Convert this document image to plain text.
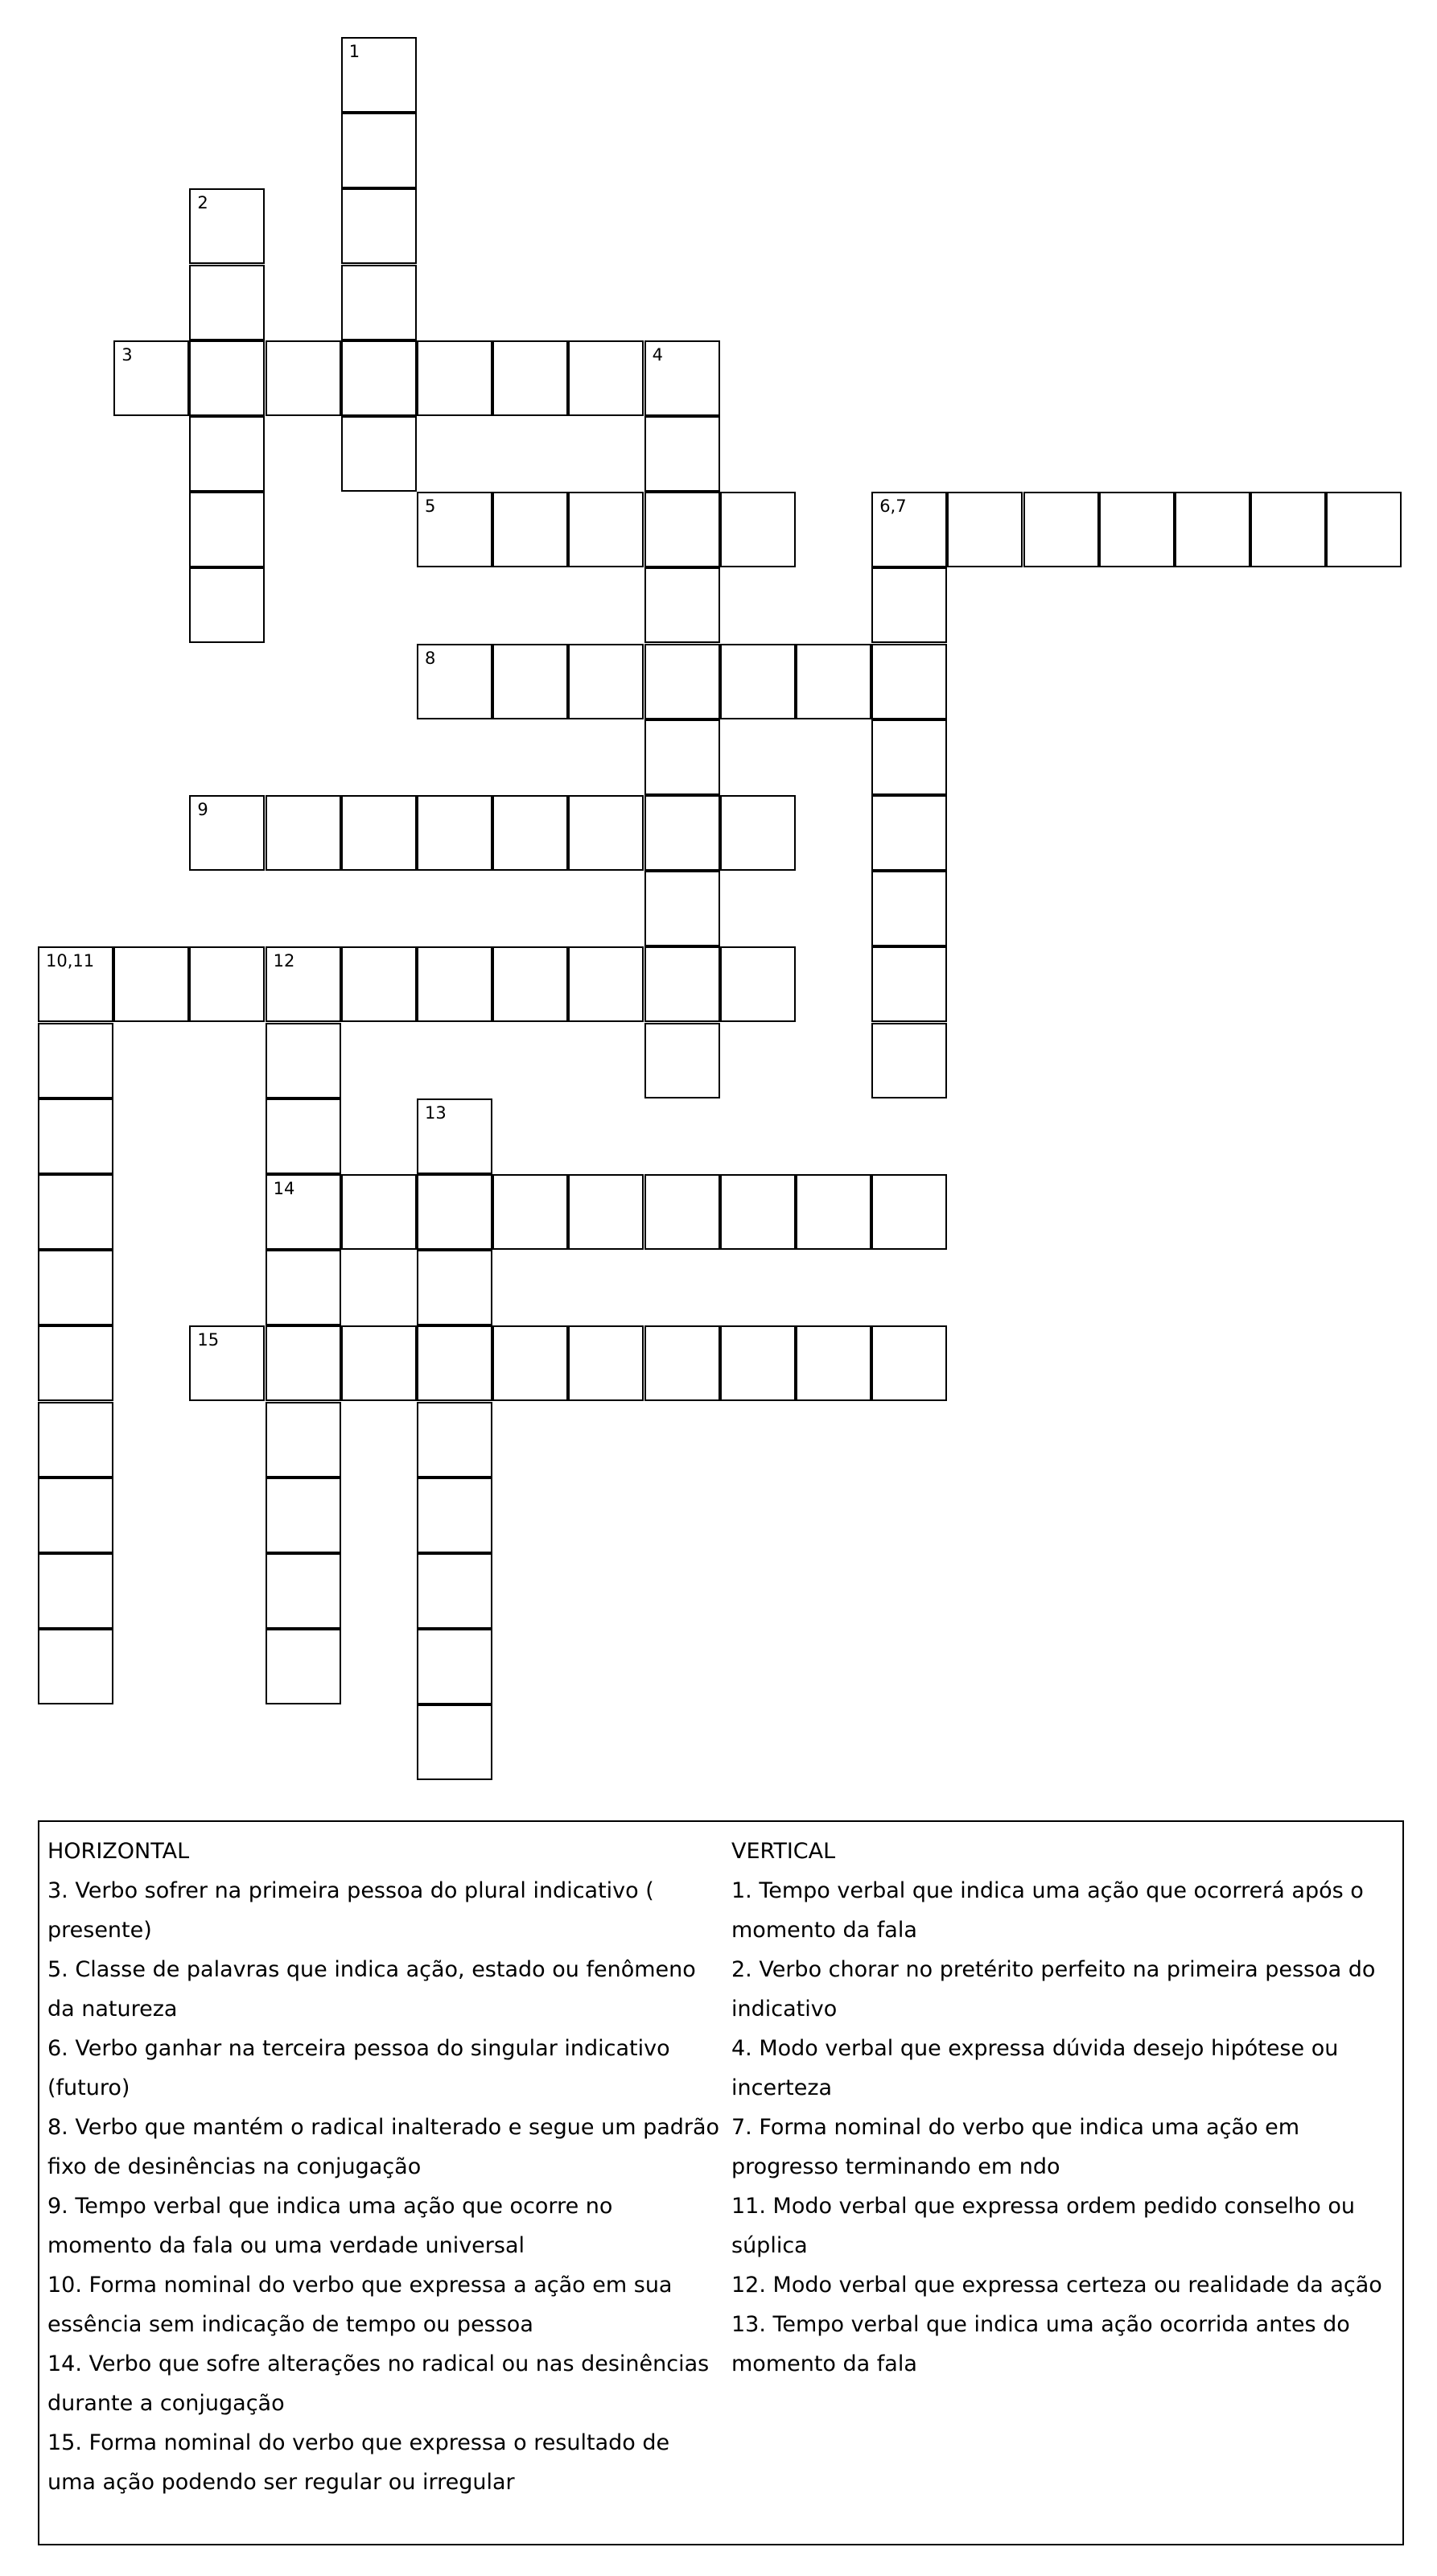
1
2
3	4
5	6,7
8
9
10,11	12
14
13
15

HORIZONTAL

3. Verbo sofrer na primeira pessoa do plural indicativo ( presente)

5. Classe de palavras que indica ação, estado ou fenômeno da natureza

6. Verbo ganhar na terceira pessoa do singular indicativo (futuro)

8. Verbo que mantém o radical inalterado e segue um padrão fixo de desinências na conjugação

9. Tempo verbal que indica uma ação que ocorre no momento da fala ou uma verdade universal

10. Forma nominal do verbo que expressa a ação em sua essência sem indicação de tempo ou pessoa

14. Verbo que sofre alterações no radical ou nas desinências durante a conjugação

15. Forma nominal do verbo que expressa o resultado de uma ação podendo ser regular ou irregular

VERTICAL

1. Tempo verbal que indica uma ação que ocorrerá após o momento da fala

2. Verbo chorar no pretérito perfeito na primeira pessoa do indicativo

4. Modo verbal que expressa dúvida desejo hipótese ou incerteza

7. Forma nominal do verbo que indica uma ação em progresso terminando em ndo

11. Modo verbal que expressa ordem pedido conselho ou súplica

12. Modo verbal que expressa certeza ou realidade da ação

13. Tempo verbal que indica uma ação ocorrida antes do momento da fala
